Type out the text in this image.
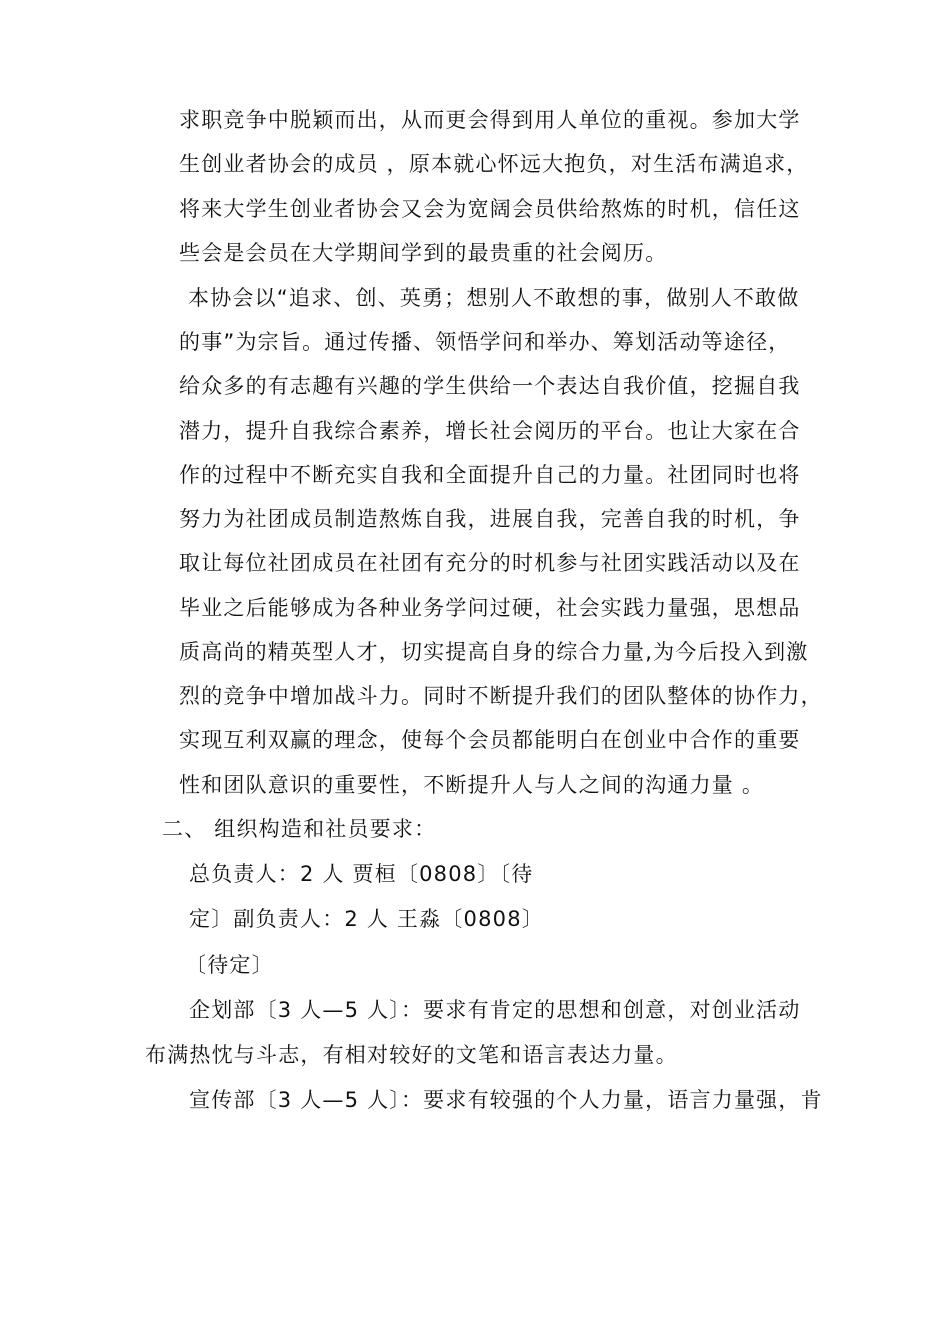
求职竞争中脱颖而出，从而更会得到用人单位的重视。参加大学
生创业者协会的成员 ，原本就心怀远大抱负，对生活布满追求，
将来大学生创业者协会又会为宽阔会员供给熬炼的时机，信任这
些会是会员在大学期间学到的最贵重的社会阅历。
本协会以“追求、创、英勇；想别人不敢想的事，做别人不敢做
的事”为宗旨。通过传播、领悟学问和举办、筹划活动等途径，
给众多的有志趣有兴趣的学生供给一个表达自我价值，挖掘自我
潜力，提升自我综合素养，增长社会阅历的平台。也让大家在合
作的过程中不断充实自我和全面提升自己的力量。社团同时也将
努力为社团成员制造熬炼自我，进展自我，完善自我的时机，争
取让每位社团成员在社团有充分的时机参与社团实践活动以及在
毕业之后能够成为各种业务学问过硬，社会实践力量强，思想品
质高尚的精英型人才，切实提高自身的综合力量,为今后投入到激
烈的竞争中增加战斗力。同时不断提升我们的团队整体的协作力，
实现互利双赢的理念，使每个会员都能明白在创业中合作的重要
性和团队意识的重要性，不断提升人与人之间的沟通力量 。
二、 组织构造和社员要求：
总负责人：2 人 贾桓〔0808〕〔待
定〕副负责人：2 人 王淼〔0808〕
〔待定〕
企划部〔3 人—5 人〕：要求有肯定的思想和创意，对创业活动
布满热忱与斗志，有相对较好的文笔和语言表达力量。
宣传部〔3 人—5 人〕：要求有较强的个人力量，语言力量强，肯
